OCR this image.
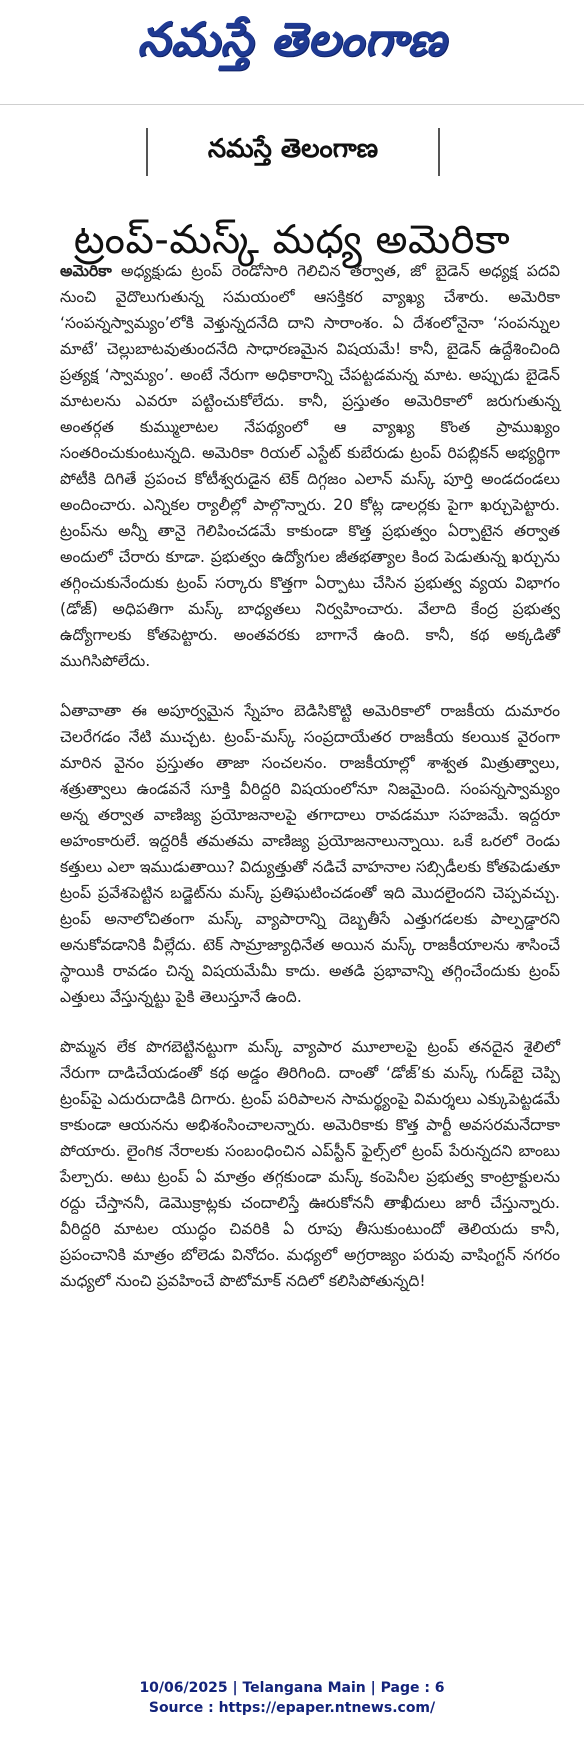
నమస్తే తెలంగాణ
నమస్తే తెలంగాణ
ట్రంప్-మస్క్ మధ్య అమెరికా

అమెరికా అధ్యక్షుడు ట్రంప్ రెండోసారి గెలిచిన తర్వాత, జో బైడెన్ అధ్యక్ష పదవి నుంచి వైదొలుగుతున్న సమయంలో ఆసక్తికర వ్యాఖ్య చేశారు. అమెరికా ‘సంపన్నస్వామ్యం’లోకి వెళ్తున్నదనేది దాని సారాంశం. ఏ దేశంలోనైనా ‘సంపన్నుల మాటే’ చెల్లుబాటవుతుందనేది సాధారణమైన విషయమే! కానీ, బైడెన్ ఉద్దేశించింది ప్రత్యక్ష ‘స్వామ్యం’. అంటే నేరుగా అధికారాన్ని చేపట్టడమన్న మాట. అప్పుడు బైడెన్ మాటలను ఎవరూ పట్టించుకోలేదు. కానీ, ప్రస్తుతం అమెరికాలో జరుగుతున్న అంతర్గత కుమ్ములాటల నేపథ్యంలో ఆ వ్యాఖ్య కొంత ప్రాముఖ్యం సంతరించుకుంటున్నది. అమెరికా రియల్ ఎస్టేట్ కుబేరుడు ట్రంప్ రిపబ్లికన్ అభ్యర్థిగా పోటీకి దిగితే ప్రపంచ కోటీశ్వరుడైన టెక్ దిగ్గజం ఎలాన్ మస్క్ పూర్తి అండదండలు అందించారు. ఎన్నికల ర్యాలీల్లో పాల్గొన్నారు. 20 కోట్ల డాలర్లకు పైగా ఖర్చుపెట్టారు. ట్రంప్‌ను అన్నీ తానై గెలిపించడమే కాకుండా కొత్త ప్రభుత్వం ఏర్పాటైన తర్వాత అందులో చేరారు కూడా. ప్రభుత్వం ఉద్యోగుల జీతభత్యాల కింద పెడుతున్న ఖర్చును తగ్గించుకునేందుకు ట్రంప్ సర్కారు కొత్తగా ఏర్పాటు చేసిన ప్రభుత్వ వ్యయ విభాగం (డోజ్) అధిపతిగా మస్క్ బాధ్యతలు నిర్వహించారు. వేలాది కేంద్ర ప్రభుత్వ ఉద్యోగాలకు కోతపెట్టారు. అంతవరకు బాగానే ఉంది. కానీ, కథ అక్కడితో ముగిసిపోలేదు.

ఏతావాతా ఈ అపూర్వమైన స్నేహం బెడిసికొట్టి అమెరికాలో రాజకీయ దుమారం చెలరేగడం నేటి ముచ్చట. ట్రంప్-మస్క్ సంప్రదాయేతర రాజకీయ కలయిక వైరంగా మారిన వైనం ప్రస్తుతం తాజా సంచలనం. రాజకీయాల్లో శాశ్వత మిత్రుత్వాలు, శత్రుత్వాలు ఉండవనే సూక్తి వీరిద్దరి విషయంలోనూ నిజమైంది. సంపన్నస్వామ్యం అన్న తర్వాత వాణిజ్య ప్రయోజనాలపై తగాదాలు రావడమూ సహజమే. ఇద్దరూ అహంకారులే. ఇద్దరికీ తమతమ వాణిజ్య ప్రయోజనాలున్నాయి. ఒకే ఒరలో రెండు కత్తులు ఎలా ఇముడుతాయి? విద్యుత్తుతో నడిచే వాహనాల సబ్సిడీలకు కోతపెడుతూ ట్రంప్ ప్రవేశపెట్టిన బడ్జెట్‌ను మస్క్ ప్రతిఘటించడంతో ఇది మొదలైందని చెప్పవచ్చు. ట్రంప్ అనాలోచితంగా మస్క్ వ్యాపారాన్ని దెబ్బతీసే ఎత్తుగడలకు పాల్పడ్డారని అనుకోవడానికి వీల్లేదు. టెక్ సామ్రాజ్యాధినేత అయిన మస్క్ రాజకీయాలను శాసించే స్థాయికి రావడం చిన్న విషయమేమీ కాదు. అతడి ప్రభావాన్ని తగ్గించేందుకు ట్రంప్ ఎత్తులు వేస్తున్నట్టు పైకి తెలుస్తూనే ఉంది.

పొమ్మన లేక పొగబెట్టినట్టుగా మస్క్ వ్యాపార మూలాలపై ట్రంప్ తనదైన శైలిలో నేరుగా దాడిచేయడంతో కథ అడ్డం తిరిగింది. దాంతో ‘డోజ్’కు మస్క్ గుడ్‌బై చెప్పి ట్రంప్‌పై ఎదురుదాడికి దిగారు. ట్రంప్ పరిపాలన సామర్థ్యంపై విమర్శలు ఎక్కుపెట్టడమే కాకుండా ఆయనను అభిశంసించాలన్నారు. అమెరికాకు కొత్త పార్టీ అవసరమనేదాకా పోయారు. లైంగిక నేరాలకు సంబంధించిన ఎప్‌స్టీన్ ఫైల్స్‌లో ట్రంప్ పేరున్నదని బాంబు పేల్చారు. అటు ట్రంప్ ఏ మాత్రం తగ్గకుండా మస్క్ కంపెనీల ప్రభుత్వ కాంట్రాక్టులను రద్దు చేస్తాననీ, డెమొక్రాట్లకు చందాలిస్తే ఊరుకోననీ తాఖీదులు జారీ చేస్తున్నారు. వీరిద్దరి మాటల యుద్ధం చివరికి ఏ రూపు తీసుకుంటుందో తెలియదు కానీ, ప్రపంచానికి మాత్రం బోలెడు వినోదం. మధ్యలో అగ్రరాజ్యం పరువు వాషింగ్టన్ నగరం మధ్యలో నుంచి ప్రవహించే పొటోమాక్ నదిలో కలిసిపోతున్నది!

10/06/2025 | Telangana Main | Page : 6
Source : https://epaper.ntnews.com/
